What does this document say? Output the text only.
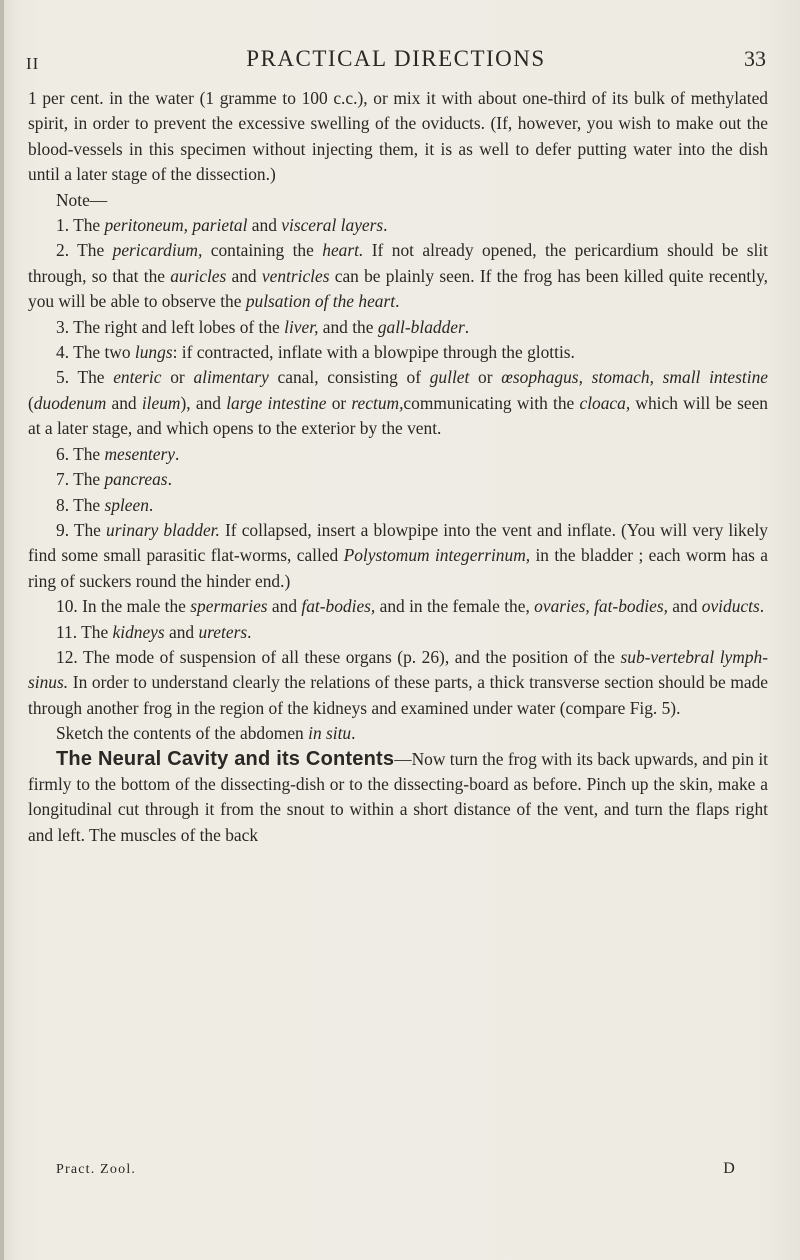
II	PRACTICAL DIRECTIONS	33

1 per cent. in the water (1 gramme to 100 c.c.), or mix it with about one-third of its bulk of methylated spirit, in order to prevent the excessive swelling of the oviducts. (If, however, you wish to make out the blood-vessels in this specimen without injecting them, it is as well to defer putting water into the dish until a later stage of the dissection.)

Note—

1. The peritoneum, parietal and visceral layers.

2. The pericardium, containing the heart. If not already opened, the pericardium should be slit through, so that the auricles and ventricles can be plainly seen. If the frog has been killed quite recently, you will be able to observe the pulsation of the heart.

3. The right and left lobes of the liver, and the gall-bladder.

4. The two lungs: if contracted, inflate with a blowpipe through the glottis.

5. The enteric or alimentary canal, consisting of gullet or œsophagus, stomach, small intestine (duodenum and ileum), and large intestine or rectum,communicating with the cloaca, which will be seen at a later stage, and which opens to the exterior by the vent.

6. The mesentery.

7. The pancreas.

8. The spleen.

9. The urinary bladder. If collapsed, insert a blowpipe into the vent and inflate. (You will very likely find some small parasitic flat-worms, called Polystomum integerrinum, in the bladder ; each worm has a ring of suckers round the hinder end.)

10. In the male the spermaries and fat-bodies, and in the female the, ovaries, fat-bodies, and oviducts.

11. The kidneys and ureters.

12. The mode of suspension of all these organs (p. 26), and the position of the sub-vertebral lymph-sinus. In order to understand clearly the relations of these parts, a thick transverse section should be made through another frog in the region of the kidneys and examined under water (compare Fig. 5).

Sketch the contents of the abdomen in situ.

The Neural Cavity and its Contents—Now turn the frog with its back upwards, and pin it firmly to the bottom of the dissecting-dish or to the dissecting-board as before. Pinch up the skin, make a longitudinal cut through it from the snout to within a short distance of the vent, and turn the flaps right and left. The muscles of the back

Pract. Zool.	D
